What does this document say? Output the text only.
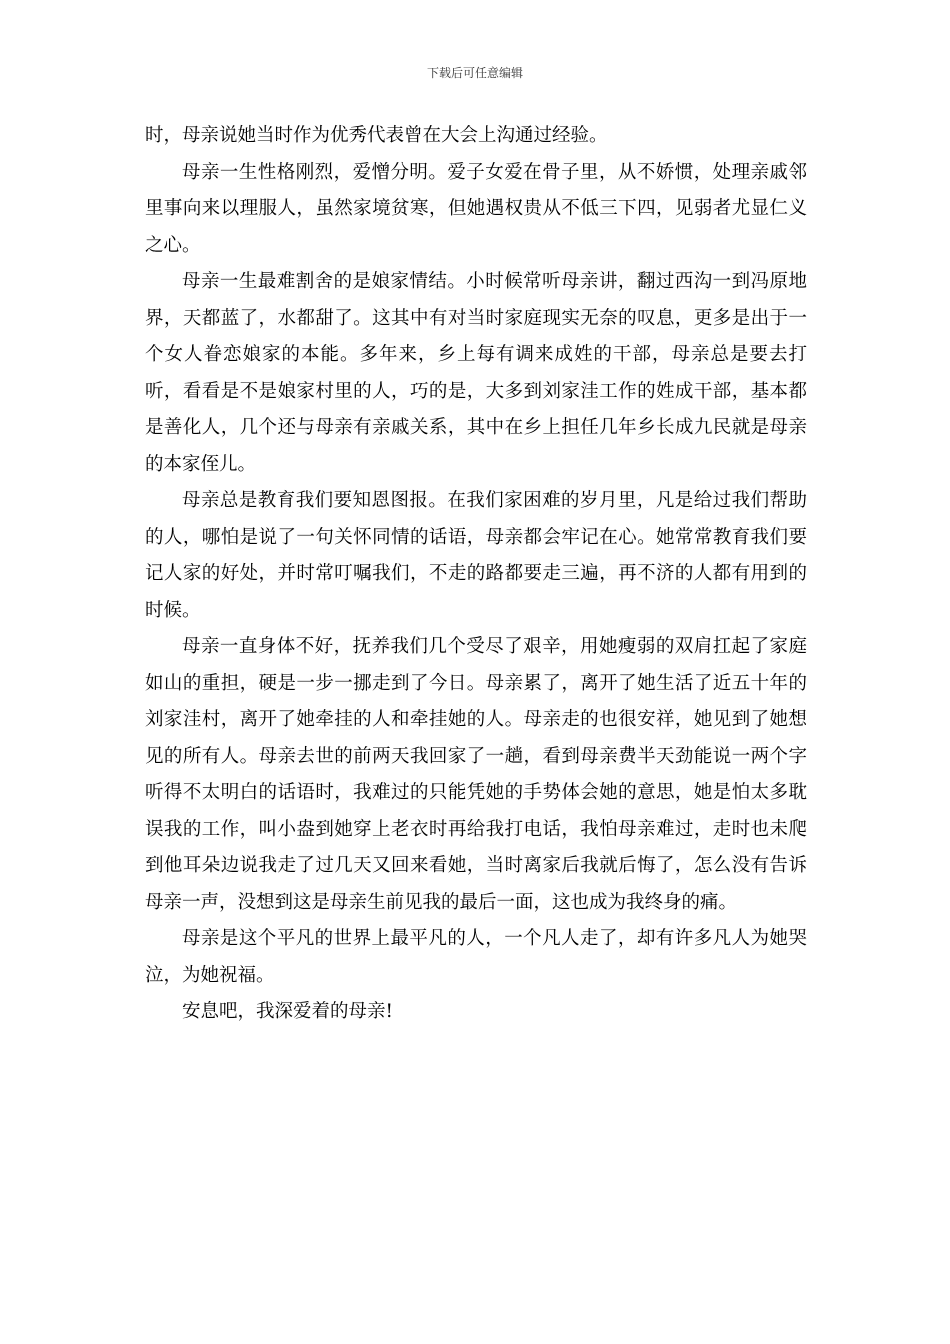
下载后可任意编辑

时，母亲说她当时作为优秀代表曾在大会上沟通过经验。

母亲一生性格刚烈，爱憎分明。爱子女爱在骨子里，从不娇惯，处理亲戚邻里事向来以理服人，虽然家境贫寒，但她遇权贵从不低三下四，见弱者尤显仁义之心。

母亲一生最难割舍的是娘家情结。小时候常听母亲讲，翻过西沟一到冯原地界，天都蓝了，水都甜了。这其中有对当时家庭现实无奈的叹息，更多是出于一个女人眷恋娘家的本能。多年来，乡上每有调来成姓的干部，母亲总是要去打听，看看是不是娘家村里的人，巧的是，大多到刘家洼工作的姓成干部，基本都是善化人，几个还与母亲有亲戚关系，其中在乡上担任几年乡长成九民就是母亲的本家侄儿。

母亲总是教育我们要知恩图报。在我们家困难的岁月里，凡是给过我们帮助的人，哪怕是说了一句关怀同情的话语，母亲都会牢记在心。她常常教育我们要记人家的好处，并时常叮嘱我们，不走的路都要走三遍，再不济的人都有用到的时候。

母亲一直身体不好，抚养我们几个受尽了艰辛，用她瘦弱的双肩扛起了家庭如山的重担，硬是一步一挪走到了今日。母亲累了，离开了她生活了近五十年的刘家洼村，离开了她牵挂的人和牵挂她的人。母亲走的也很安祥，她见到了她想见的所有人。母亲去世的前两天我回家了一趟，看到母亲费半天劲能说一两个字听得不太明白的话语时，我难过的只能凭她的手势体会她的意思，她是怕太多耽误我的工作，叫小盎到她穿上老衣时再给我打电话，我怕母亲难过，走时也未爬到他耳朵边说我走了过几天又回来看她，当时离家后我就后悔了，怎么没有告诉母亲一声，没想到这是母亲生前见我的最后一面，这也成为我终身的痛。

母亲是这个平凡的世界上最平凡的人，一个凡人走了，却有许多凡人为她哭泣，为她祝福。

安息吧，我深爱着的母亲!
